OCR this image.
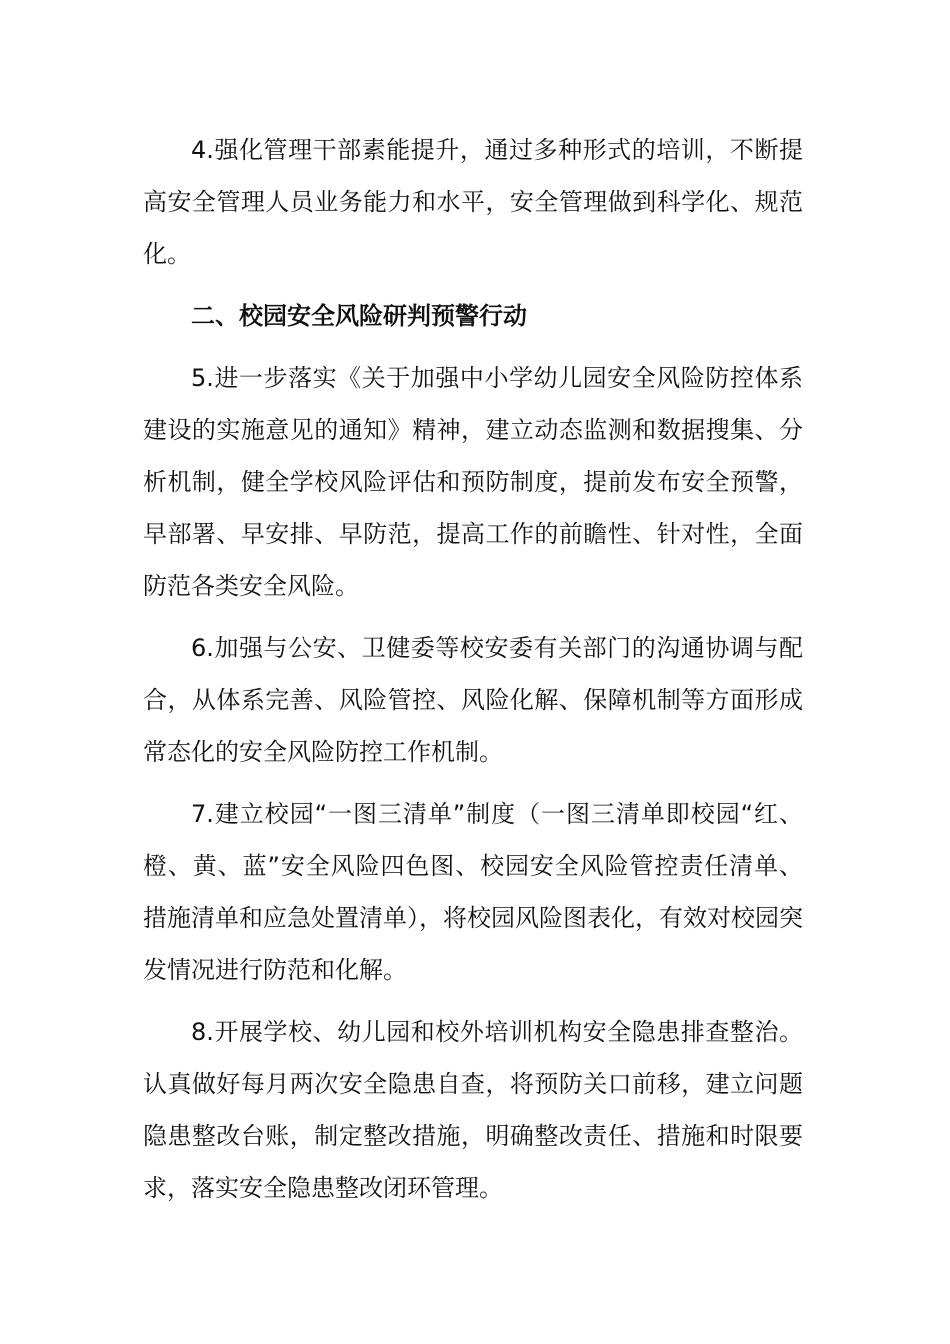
4.强化管理干部素能提升，通过多种形式的培训，不断提高安全管理人员业务能力和水平，安全管理做到科学化、规范化。

二、校园安全风险研判预警行动

5.进一步落实《关于加强中小学幼儿园安全风险防控体系建设的实施意见的通知》精神，建立动态监测和数据搜集、分析机制，健全学校风险评估和预防制度，提前发布安全预警，早部署、早安排、早防范，提高工作的前瞻性、针对性，全面防范各类安全风险。

6.加强与公安、卫健委等校安委有关部门的沟通协调与配合，从体系完善、风险管控、风险化解、保障机制等方面形成常态化的安全风险防控工作机制。

7.建立校园“一图三清单”制度（一图三清单即校园“红、橙、黄、蓝”安全风险四色图、校园安全风险管控责任清单、措施清单和应急处置清单），将校园风险图表化，有效对校园突发情况进行防范和化解。

8.开展学校、幼儿园和校外培训机构安全隐患排查整治。认真做好每月两次安全隐患自查，将预防关口前移，建立问题隐患整改台账，制定整改措施，明确整改责任、措施和时限要求，落实安全隐患整改闭环管理。
